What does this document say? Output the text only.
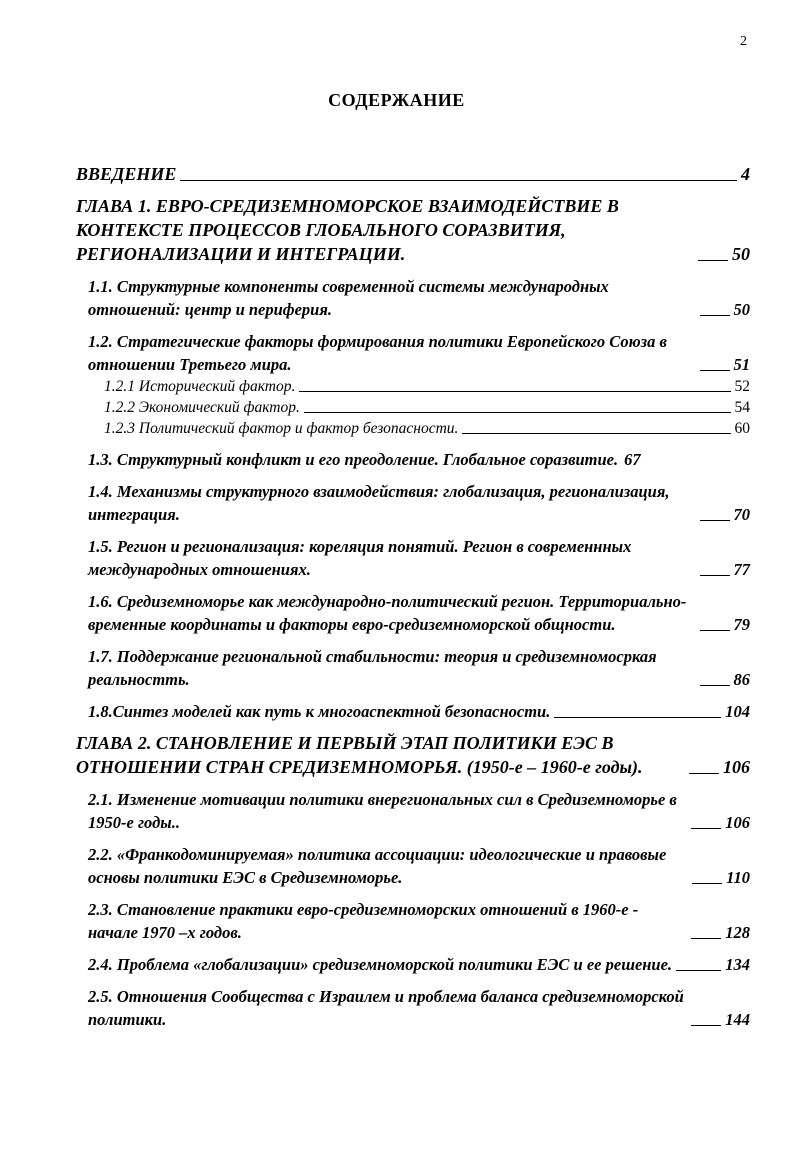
2
СОДЕРЖАНИЕ
ВВЕДЕНИЕ	4
ГЛАВА 1. ЕВРО-СРЕДИЗЕМНОМОРСКОЕ ВЗАИМОДЕЙСТВИЕ В КОНТЕКСТЕ ПРОЦЕССОВ ГЛОБАЛЬНОГО СОРАЗВИТИЯ, РЕГИОНАЛИЗАЦИИ И ИНТЕГРАЦИИ.	50
1.1. Структурные компоненты современной системы международных отношений: центр и периферия.	50
1.2. Стратегические факторы формирования политики Европейского Союза в отношении Третьего мира.	51
1.2.1 Исторический фактор.	52
1.2.2 Экономический фактор.	54
1.2.3 Политический фактор и фактор безопасности.	60
1.3. Структурный конфликт и его преодоление. Глобальное соразвитие. 67
1.4. Механизмы структурного взаимодействия: глобализация, регионализация, интеграция.	70
1.5. Регион и регионализация: кореляция понятий. Регион в современнных международных отношениях.	77
1.6. Средиземноморье как международно-политический регион. Территориально-временные координаты и факторы евро-средиземноморской общности.	79
1.7. Поддержание региональной стабильности: теория и средиземномосркая реальностть.	86
1.8.Синтез моделей как путь к многоаспектной безопасности.	104
ГЛАВА 2. СТАНОВЛЕНИЕ И ПЕРВЫЙ ЭТАП ПОЛИТИКИ ЕЭС В ОТНОШЕНИИ СТРАН СРЕДИЗЕМНОМОРЬЯ. (1950-е – 1960-е годы).	106
2.1. Изменение мотивации политики внерегиональных сил в Средиземноморье в 1950-е годы..	106
2.2. «Франкодоминируемая» политика ассоциации: идеологические и правовые основы политики ЕЭС в Средиземноморье.	110
2.3. Становление практики евро-средиземноморских отношений в 1960-е - начале 1970 –х годов.	128
2.4. Проблема «глобализации» средиземноморской политики ЕЭС и ее решение.	134
2.5. Отношения Сообщества с Израилем и проблема баланса средиземноморской политики.	144
